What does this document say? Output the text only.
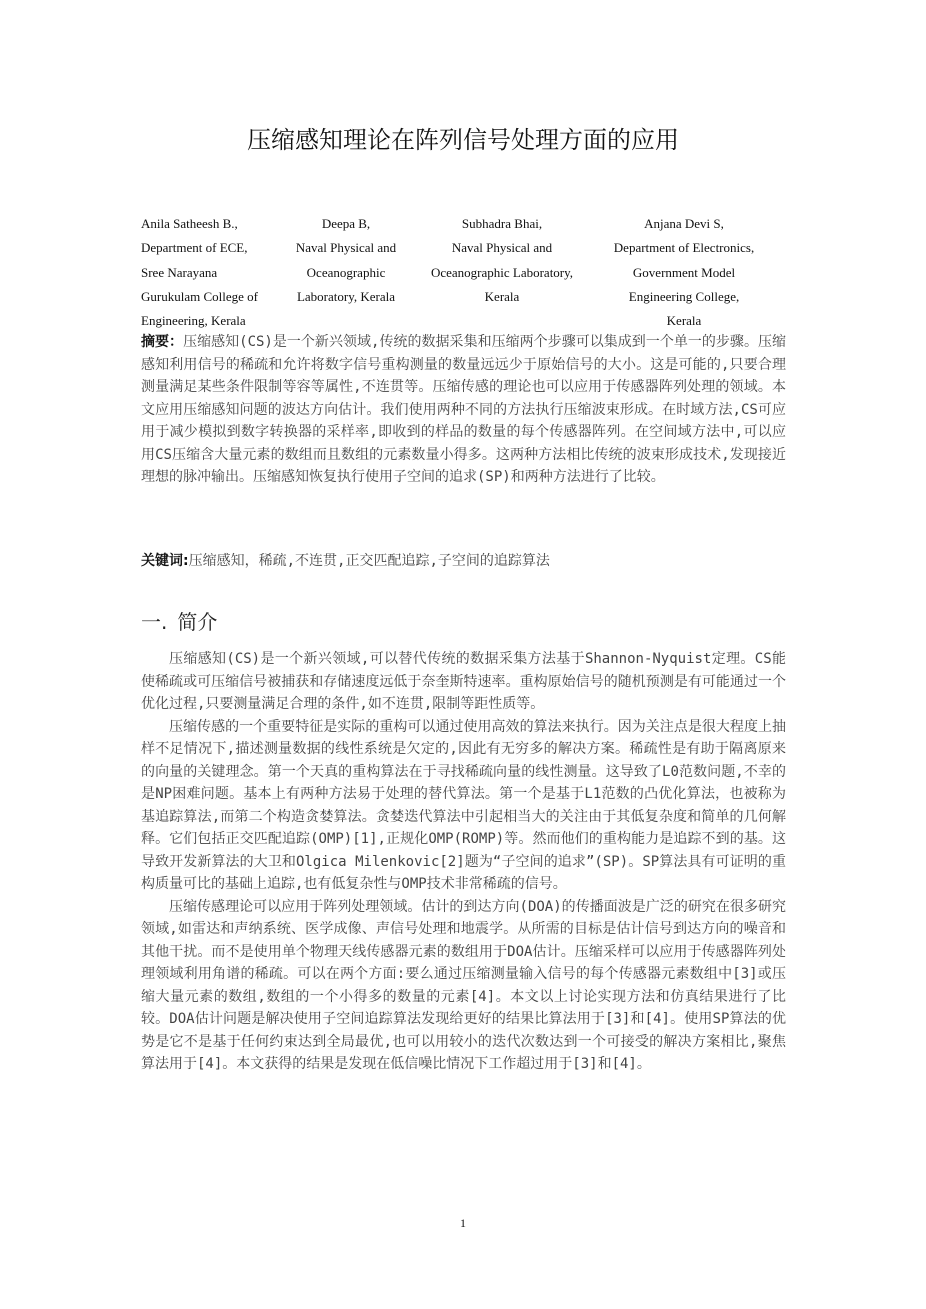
压缩感知理论在阵列信号处理方面的应用
Anila Satheesh B.,
Department of ECE,
Sree Narayana
Gurukulam College of
Engineering, Kerala
Deepa B,
Naval Physical and
Oceanographic
Laboratory, Kerala
Subhadra Bhai,
Naval Physical and
Oceanographic Laboratory,
Kerala
Anjana Devi S,
Department of Electronics,
Government Model
Engineering College,
Kerala
摘要：压缩感知(CS)是一个新兴领域,传统的数据采集和压缩两个步骤可以集成到一个单一的步骤。压缩感知利用信号的稀疏和允许将数字信号重构测量的数量远远少于原始信号的大小。这是可能的,只要合理测量满足某些条件限制等容等属性,不连贯等。压缩传感的理论也可以应用于传感器阵列处理的领域。本文应用压缩感知问题的波达方向估计。我们使用两种不同的方法执行压缩波束形成。在时域方法,CS可应用于减少模拟到数字转换器的采样率,即收到的样品的数量的每个传感器阵列。在空间域方法中,可以应用CS压缩含大量元素的数组而且数组的元素数量小得多。这两种方法相比传统的波束形成技术,发现接近理想的脉冲输出。压缩感知恢复执行使用子空间的追求(SP)和两种方法进行了比较。
关键词:压缩感知，稀疏,不连贯,正交匹配追踪,子空间的追踪算法
一. 简介

压缩感知(CS)是一个新兴领域,可以替代传统的数据采集方法基于Shannon-Nyquist定理。CS能使稀疏或可压缩信号被捕获和存储速度远低于奈奎斯特速率。重构原始信号的随机预测是有可能通过一个优化过程,只要测量满足合理的条件,如不连贯,限制等距性质等。

压缩传感的一个重要特征是实际的重构可以通过使用高效的算法来执行。因为关注点是很大程度上抽样不足情况下,描述测量数据的线性系统是欠定的,因此有无穷多的解决方案。稀疏性是有助于隔离原来的向量的关键理念。第一个天真的重构算法在于寻找稀疏向量的线性测量。这导致了L0范数问题,不幸的是NP困难问题。基本上有两种方法易于处理的替代算法。第一个是基于L1范数的凸优化算法，也被称为基追踪算法,而第二个构造贪婪算法。贪婪迭代算法中引起相当大的关注由于其低复杂度和简单的几何解释。它们包括正交匹配追踪(OMP)[1],正规化OMP(ROMP)等。然而他们的重构能力是追踪不到的基。这导致开发新算法的大卫和Olgica Milenkovic[2]题为“子空间的追求”(SP)。SP算法具有可证明的重构质量可比的基础上追踪,也有低复杂性与OMP技术非常稀疏的信号。

压缩传感理论可以应用于阵列处理领域。估计的到达方向(DOA)的传播面波是广泛的研究在很多研究领域,如雷达和声纳系统、医学成像、声信号处理和地震学。从所需的目标是估计信号到达方向的噪音和其他干扰。而不是使用单个物理天线传感器元素的数组用于DOA估计。压缩采样可以应用于传感器阵列处理领域利用角谱的稀疏。可以在两个方面:要么通过压缩测量输入信号的每个传感器元素数组中[3]或压缩大量元素的数组,数组的一个小得多的数量的元素[4]。本文以上讨论实现方法和仿真结果进行了比较。DOA估计问题是解决使用子空间追踪算法发现给更好的结果比算法用于[3]和[4]。使用SP算法的优势是它不是基于任何约束达到全局最优,也可以用较小的迭代次数达到一个可接受的解决方案相比,聚焦算法用于[4]。本文获得的结果是发现在低信噪比情况下工作超过用于[3]和[4]。

1
